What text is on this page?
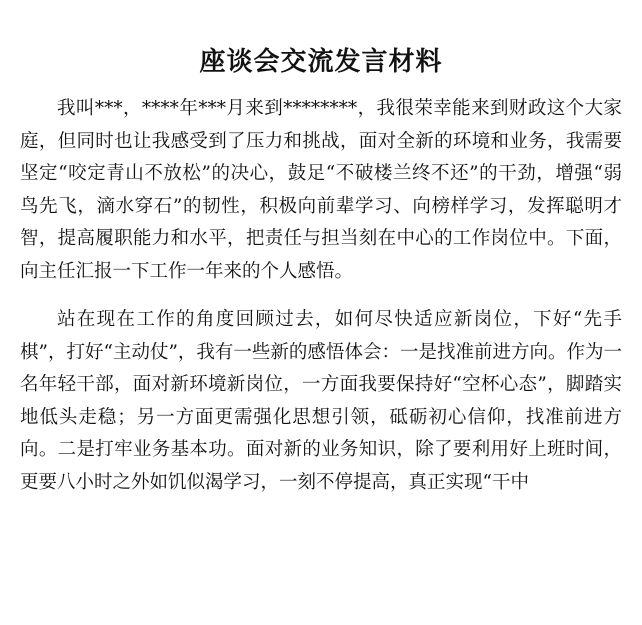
座谈会交流发言材料

我叫***，****年***月来到********，我很荣幸能来到财政这个大家庭，但同时也让我感受到了压力和挑战，面对全新的环境和业务，我需要坚定“咬定青山不放松”的决心，鼓足“不破楼兰终不还”的干劲，增强“弱鸟先飞，滴水穿石”的韧性，积极向前辈学习、向榜样学习，发挥聪明才智，提高履职能力和水平，把责任与担当刻在中心的工作岗位中。下面，向主任汇报一下工作一年来的个人感悟。

站在现在工作的角度回顾过去，如何尽快适应新岗位，下好“先手棋”，打好“主动仗”，我有一些新的感悟体会：一是找准前进方向。作为一名年轻干部，面对新环境新岗位，一方面我要保持好“空杯心态”，脚踏实地低头走稳；另一方面更需强化思想引领，砥砺初心信仰，找准前进方向。二是打牢业务基本功。面对新的业务知识，除了要利用好上班时间，更要八小时之外如饥似渴学习，一刻不停提高，真正实现“干中
